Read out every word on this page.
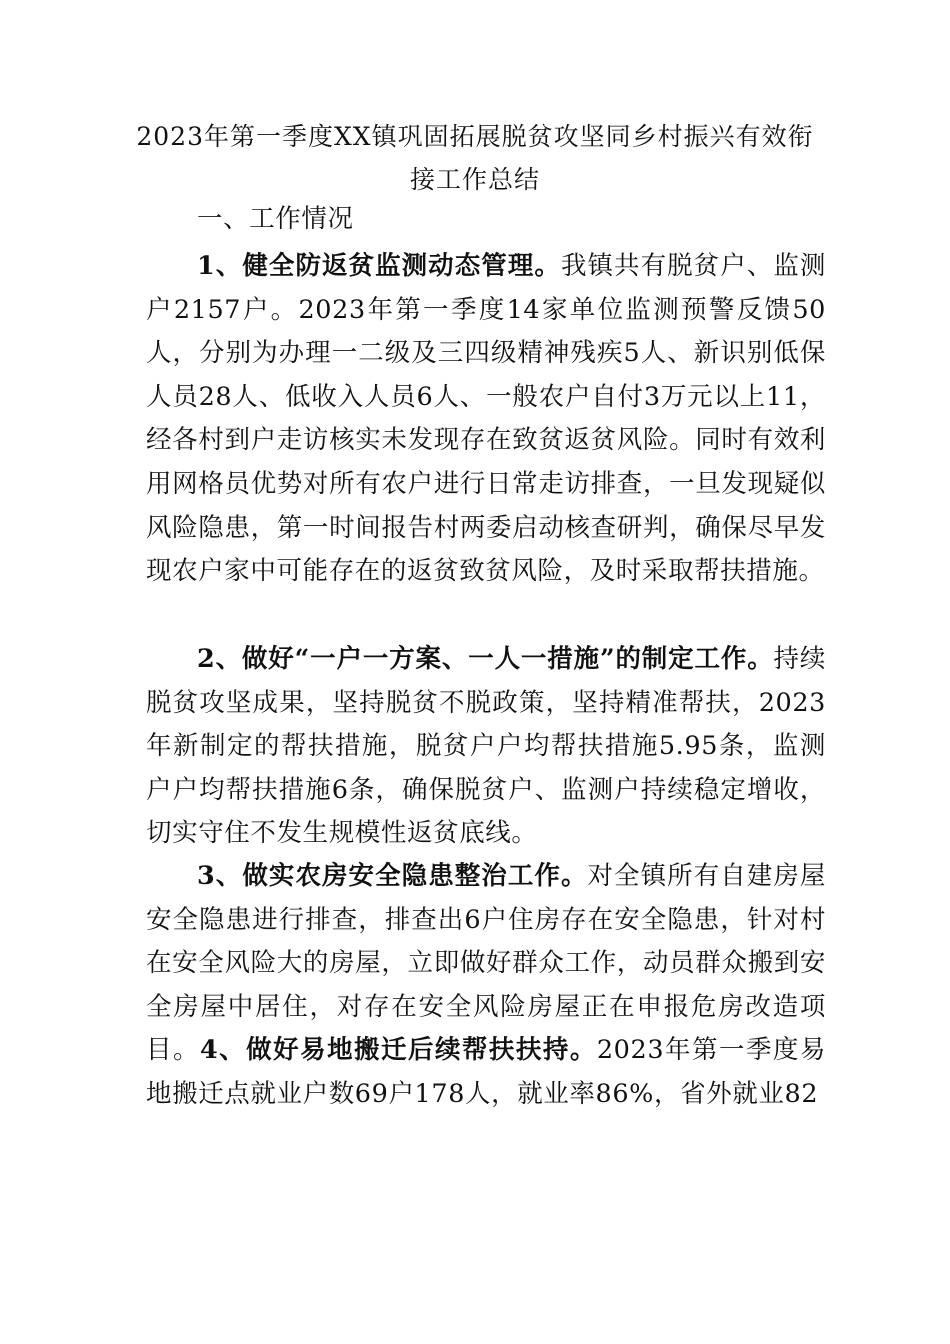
2023年第一季度XX镇巩固拓展脱贫攻坚同乡村振兴有效衔
接工作总结

一、工作情况

1、健全防返贫监测动态管理。我镇共有脱贫户、监测户2157户。2023年第一季度14家单位监测预警反馈50人，分别为办理一二级及三四级精神残疾5人、新识别低保人员28人、低收入人员6人、一般农户自付3万元以上11，经各村到户走访核实未发现存在致贫返贫风险。同时有效利用网格员优势对所有农户进行日常走访排查，一旦发现疑似风险隐患，第一时间报告村两委启动核查研判，确保尽早发现农户家中可能存在的返贫致贫风险，及时采取帮扶措施。

2、做好“一户一方案、一人一措施”的制定工作。持续脱贫攻坚成果，坚持脱贫不脱政策，坚持精准帮扶，2023年新制定的帮扶措施，脱贫户户均帮扶措施5.95条，监测户户均帮扶措施6条，确保脱贫户、监测户持续稳定增收，切实守住不发生规模性返贫底线。

3、做实农房安全隐患整治工作。对全镇所有自建房屋安全隐患进行排查，排查出6户住房存在安全隐患，针对村在安全风险大的房屋，立即做好群众工作，动员群众搬到安全房屋中居住，对存在安全风险房屋正在申报危房改造项目。4、做好易地搬迁后续帮扶扶持。2023年第一季度易地搬迁点就业户数69户178人，就业率86%，省外就业82
